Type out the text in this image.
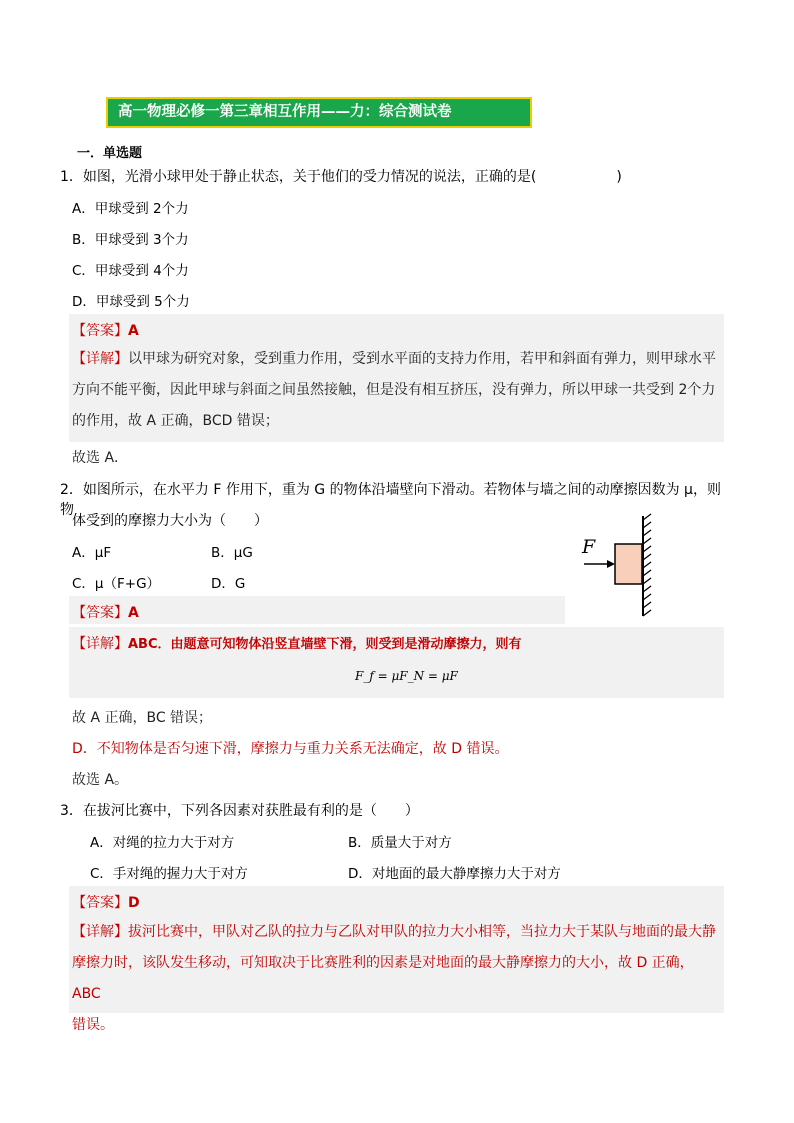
高一物理必修一第三章相互作用——力：综合测试卷
一．单选题
1．如图，光滑小球甲处于静止状态，关于他们的受力情况的说法，正确的是(	)
A．甲球受到 2个力
B．甲球受到 3个力
C．甲球受到 4个力
D．甲球受到 5个力
【答案】A
【详解】以甲球为研究对象，受到重力作用，受到水平面的支持力作用，若甲和斜面有弹力，则甲球水平
方向不能平衡，因此甲球与斜面之间虽然接触，但是没有相互挤压，没有弹力，所以甲球一共受到 2个力
的作用，故 A 正确，BCD 错误；
故选 A．
2．如图所示，在水平力 F 作用下，重为 G 的物体沿墙壁向下滑动。若物体与墙之间的动摩擦因数为 μ，则物
体受到的摩擦力大小为（　　）
A．μF	B．μG
C．μ（F+G）	D．G
F
【答案】A
【详解】ABC．由题意可知物体沿竖直墙壁下滑，则受到是滑动摩擦力，则有
F_f = μF_N = μF
故 A 正确，BC 错误；
D．不知物体是否匀速下滑，摩擦力与重力关系无法确定，故 D 错误。
故选 A。
3．在拔河比赛中，下列各因素对获胜最有利的是（　　）
A．对绳的拉力大于对方	B．质量大于对方
C．手对绳的握力大于对方	D．对地面的最大静摩擦力大于对方
【答案】D
【详解】拔河比赛中，甲队对乙队的拉力与乙队对甲队的拉力大小相等，当拉力大于某队与地面的最大静
摩擦力时，该队发生移动，可知取决于比赛胜利的因素是对地面的最大静摩擦力的大小，故 D 正确，ABC
错误。
